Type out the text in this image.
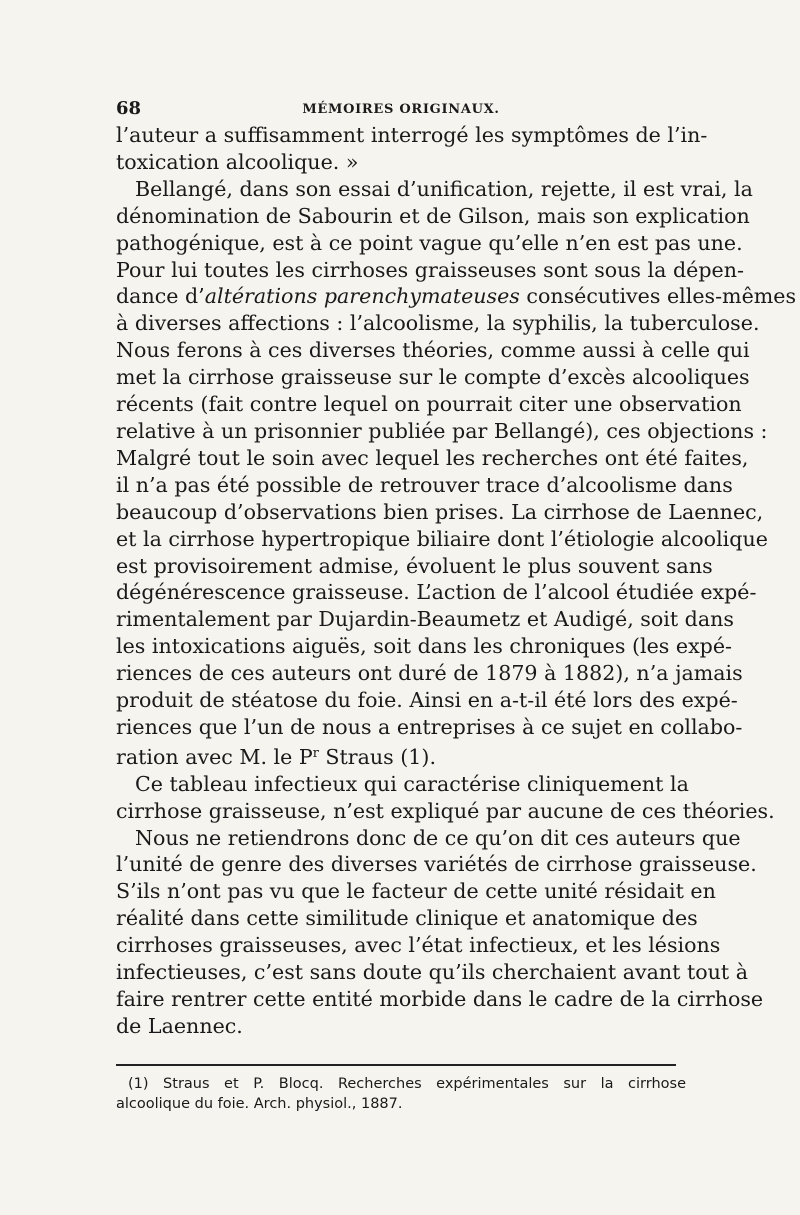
68	MÉMOIRES ORIGINAUX.
l’auteur a suffisamment interrogé les symptômes de l’in-
toxication alcoolique. »
Bellangé, dans son essai d’unification, rejette, il est vrai, la
dénomination de Sabourin et de Gilson, mais son explication
pathogénique, est à ce point vague qu’elle n’en est pas une.
Pour lui toutes les cirrhoses graisseuses sont sous la dépen-
dance d’altérations parenchymateuses consécutives elles-mêmes
à diverses affections : l’alcoolisme, la syphilis, la tuberculose.
Nous ferons à ces diverses théories, comme aussi à celle qui
met la cirrhose graisseuse sur le compte d’excès alcooliques
récents (fait contre lequel on pourrait citer une observation
relative à un prisonnier publiée par Bellangé), ces objections :
Malgré tout le soin avec lequel les recherches ont été faites,
il n’a pas été possible de retrouver trace d’alcoolisme dans
beaucoup d’observations bien prises. La cirrhose de Laennec,
et la cirrhose hypertropique biliaire dont l’étiologie alcoolique
est provisoirement admise, évoluent le plus souvent sans
dégénérescence graisseuse. L’action de l’alcool étudiée expé-
rimentalement par Dujardin-Beaumetz et Audigé, soit dans
les intoxications aiguës, soit dans les chroniques (les expé-
riences de ces auteurs ont duré de 1879 à 1882), n’a jamais
produit de stéatose du foie. Ainsi en a-t-il été lors des expé-
riences que l’un de nous a entreprises à ce sujet en collabo-
ration avec M. le $P^r$ Straus (1).
Ce tableau infectieux qui caractérise cliniquement la
cirrhose graisseuse, n’est expliqué par aucune de ces théories.
Nous ne retiendrons donc de ce qu’on dit ces auteurs que
l’unité de genre des diverses variétés de cirrhose graisseuse.
S’ils n’ont pas vu que le facteur de cette unité résidait en
réalité dans cette similitude clinique et anatomique des
cirrhoses graisseuses, avec l’état infectieux, et les lésions
infectieuses, c’est sans doute qu’ils cherchaient avant tout à
faire rentrer cette entité morbide dans le cadre de la cirrhose
de Laennec.
(1) Straus et P. Blocq. Recherches expérimentales sur la cirrhose
alcoolique du foie. Arch. physiol., 1887.
